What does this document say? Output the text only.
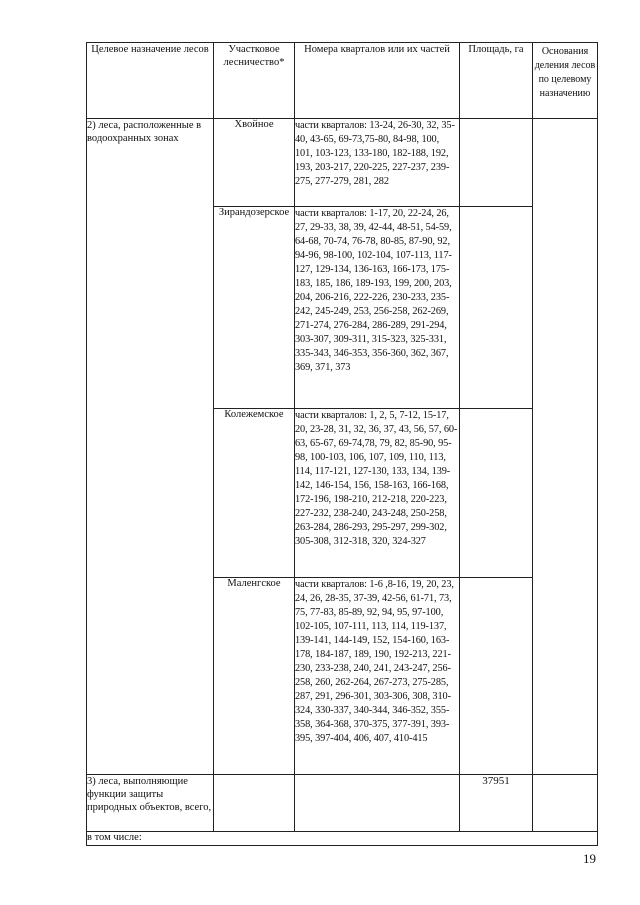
Целевое назначение лесов	Участковое лесничество*	Номера кварталов или их частей	Площадь, га	Основания деления лесов по целевому назначению
2) леса, расположенные в водоохранных зонах	Хвойное	части кварталов: 13-24, 26-30, 32, 35-40, 43-65, 69-73,75-80, 84-98, 100, 101, 103-123, 133-180, 182-188, 192, 193, 203-217, 220-225, 227-237, 239-275, 277-279, 281, 282		
	Зирандозерское	части кварталов: 1-17, 20, 22-24, 26, 27, 29-33, 38, 39, 42-44, 48-51, 54-59, 64-68, 70-74, 76-78, 80-85, 87-90, 92, 94-96, 98-100, 102-104, 107-113, 117-127, 129-134, 136-163, 166-173, 175-183, 185, 186, 189-193, 199, 200, 203, 204, 206-216, 222-226, 230-233, 235-242, 245-249, 253, 256-258, 262-269, 271-274, 276-284, 286-289, 291-294, 303-307, 309-311, 315-323, 325-331, 335-343, 346-353, 356-360, 362, 367, 369, 371, 373		
	Колежемское	части кварталов: 1, 2, 5, 7-12, 15-17, 20, 23-28, 31, 32, 36, 37, 43, 56, 57, 60-63, 65-67, 69-74,78, 79, 82, 85-90, 95-98, 100-103, 106, 107, 109, 110, 113, 114, 117-121, 127-130, 133, 134, 139-142, 146-154, 156, 158-163, 166-168, 172-196, 198-210, 212-218, 220-223, 227-232, 238-240, 243-248, 250-258, 263-284, 286-293, 295-297, 299-302, 305-308, 312-318, 320, 324-327		
	Маленгское	части кварталов: 1-6 ,8-16, 19, 20, 23, 24, 26, 28-35, 37-39, 42-56, 61-71, 73, 75, 77-83, 85-89, 92, 94, 95, 97-100, 102-105, 107-111, 113, 114, 119-137, 139-141, 144-149, 152, 154-160, 163-178, 184-187, 189, 190, 192-213, 221-230, 233-238, 240, 241, 243-247, 256-258, 260, 262-264, 267-273, 275-285, 287, 291, 296-301, 303-306, 308, 310-324, 330-337, 340-344, 346-352, 355-358, 364-368, 370-375, 377-391, 393-395, 397-404, 406, 407, 410-415		
3) леса, выполняющие функции защиты природных объектов, всего,			37951	
в том числе:				
19
